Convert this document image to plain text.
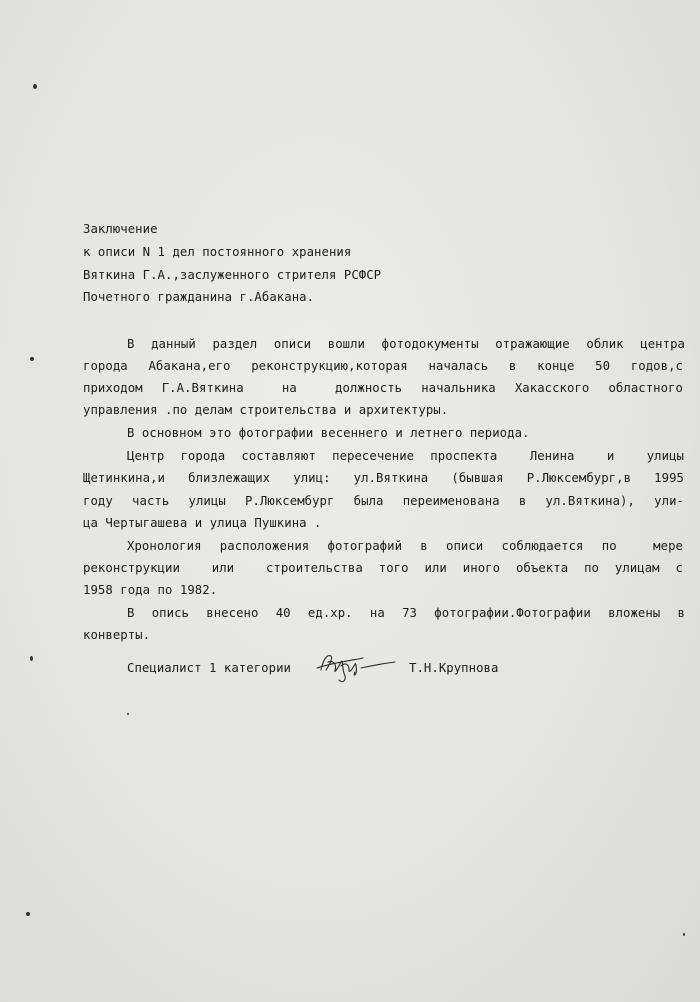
Заключение
к описи N 1 дел постоянного хранения
Вяткина Г.А.,заслуженного стрителя РСФСР
Почетного гражданина г.Абакана.
В данный раздел описи вошли фотодокументы отражающие облик центра
города Абакана,его реконструкцию,которая началась в конце 50 годов,с
приходом Г.А.Вяткина  на  должность начальника Хакасского областного
управления .по делам строительства и архитектуры.
В основном это фотографии весеннего и летнего периода.
Центр города составляют пересечение проспекта  Ленина  и  улицы
Щетинкина,и близлежащих улиц: ул.Вяткина (бывшая Р.Люксембург,в 1995
году часть улицы Р.Люксембург была переименована в ул.Вяткина), ули-
ца Чертыгашева и улица Пушкина .
Хронология расположения фотографий в описи соблюдается по  мере
реконструкции  или  строительства того или иного объекта по улицам с
1958 года по 1982.
В опись внесено 40 ед.хр. на 73 фотографии.Фотографии вложены в
конверты.
Специалист 1 категории	Т.Н.Крупнова
